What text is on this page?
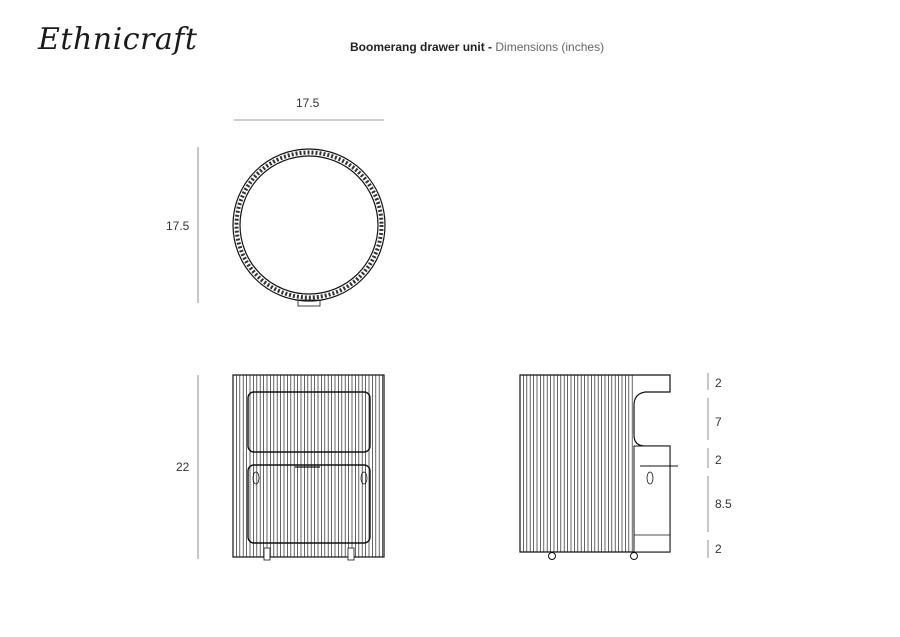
Ethnicraft	Boomerang drawer unit - Dimensions (inches)
17.5
17.5
22
2
7
2
8.5
2
